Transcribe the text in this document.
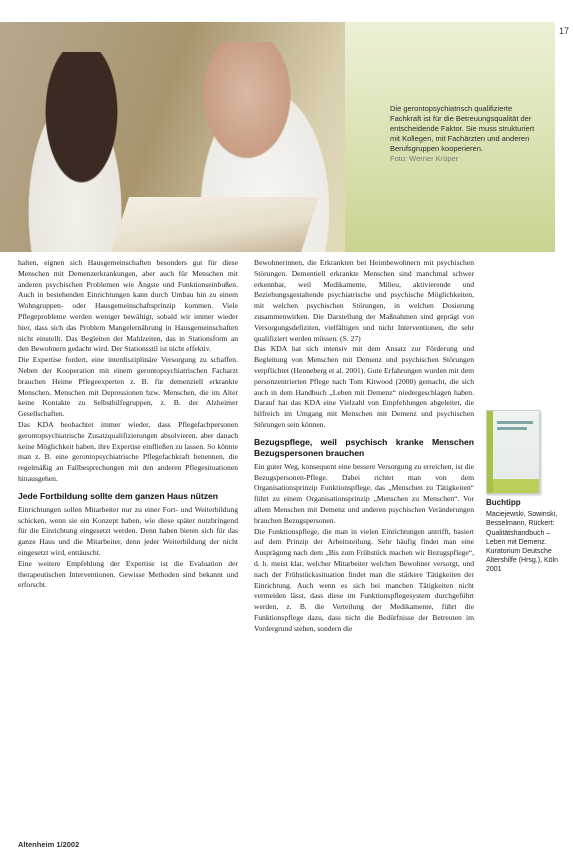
17
Die gerontopsychiatrisch qualifizierte Fachkraft ist für die Betreuungsqualität der entscheidende Faktor. Sie muss strukturiert mit Kollegen, mit Fachärzten und anderen Berufsgruppen kooperieren.
Foto: Werner Krüper

halten, eignen sich Hausgemeinschaften besonders gut für diese Menschen mit Demenzerkrankungen, aber auch für Menschen mit anderen psychischen Problemen wie Ängste und Funktionseinbußen. Auch in bestehenden Einrichtungen kann durch Umbau hin zu einem Wohngruppen- oder Hausgemeinschaftsprinzip kommen. Viele Pflegeprobleme werden weniger bewältigt, sobald wir immer wieder hier, dass sich das Problem Mangelernährung in Hausgemeinschaften nicht einstellt. Das Begleiten der Mahlzeiten, das in Stationsform an den Bewohnern gedacht wird. Der Stationsstil ist nicht effektiv.

Die Expertise fordert, eine interdisziplinäre Versorgung zu schaffen. Neben der Kooperation mit einem gerontopsychiatrischen Facharzt brauchen Heime Pflegeexperten z. B. für demenziell erkrankte Menschen, Menschen mit Depressionen bzw. Menschen, die im Alter keine Kontakte zu Selbsthilfegruppen, z. B. der Alzheimer Gesellschaften.

Das KDA beobachtet immer wieder, dass Pflegefachpersonen gerontopsychiatrische Zusatzqualifizierungen absolvieren, aber danach keine Möglichkeit haben, ihre Expertise einfließen zu lassen. So könnte man z. B. eine gerontopsychiatrische Pflegefachkraft benennen, die regelmäßig an Fallbesprechungen mit den anderen Pflegesituationen hinausgehen.

Jede Fortbildung sollte dem ganzen Haus nützen

Einrichtungen sollen Mitarbeiter nur zu einer Fort- und Weiterbildung schicken, wenn sie ein Konzept haben, wie diese später nutzbringend für die Einrichtung eingesetzt werden. Denn haben bieten sich für das ganze Haus und die Mitarbeiter, denn jeder Weiterbildung der nicht eingesetzt wird, enttäuscht.

Eine weitere Empfehlung der Expertise ist die Evaluation der therapeutischen Interventionen. Gewisse Methoden sind bekannt und erforscht.

Bewohnerinnen, die Erkrankten bei Heimbewohnern mit psychischen Störungen. Dementiell erkrankte Menschen sind manchmal schwer erkennbar, weil Medikamente, Milieu, aktivierende und Beziehungsgestaltende psychiatrische und psychische Möglichkeiten, mit welchen psychischen Störungen, in welchen Dosierung zusammenwirken. Die Darstellung der Maßnahmen sind geprägt von Versorgungsdefiziten, vielfältigen und nicht Interventionen, die sehr qualifiziert werden müssen. (S. 27)

Das KDA hat sich intensiv mit dem Ansatz zur Förderung und Begleitung von Menschen mit Demenz und psychischen Störungen verpflichtet (Henneberg et al. 2001). Gute Erfahrungen wurden mit dem personzentrierten Pflege nach Tom Kitwood (2000) gemacht, die sich auch in dem Handbuch „Leben mit Demenz“ niedergeschlagen haben. Darauf hat das KDA eine Vielzahl von Empfehlungen abgeleitet, die hilfreich im Umgang mit Menschen mit Demenz und psychischen Störungen sein können.

Bezugspflege, weil psychisch kranke Menschen Bezugspersonen brauchen

Ein guter Weg, konsequent eine bessere Versorgung zu erreichen, ist die Bezugspersonen-Pflege. Dabei richtet man von dem Organisationsprinzip Funktionspflege, das „Menschen zu Tätigkeiten“ führt zu einem Organisationsprinzip „Menschen zu Menschen“. Vor allem Menschen mit Demenz und anderen psychischen Veränderungen brauchen Bezugspersonen.

Die Funktionspflege, die man in vielen Einrichtungen antrifft, basiert auf dem Prinzip der Arbeitsteilung. Sehr häufig findet man eine Ausprägung nach dem „Bis zum Frühstück machen wir Bezugspflege“, d. h. meist klar, welcher Mitarbeiter welchen Bewohner versorgt, und nach der Frühstückssituation findet man die stärkere Tätigkeiten der Einrichtung. Auch wenn es sich bei manchen Tätigkeiten nicht vermeiden lässt, dass diese im Funktionspflegesystem durchgeführt werden, z. B. die Verteilung der Medikamente, führt die Funktionspflege dazu, dass nicht die Bedürfnisse der Betreuten im Vordergrund stehen, sondern die

Buchtipp
Maciejewski, Sowinski, Besselmann, Rückert: Qualitätshandbuch – Leben mit Demenz. Kuratorium Deutsche Altershilfe (Hrsg.), Köln 2001
Altenheim 1/2002
